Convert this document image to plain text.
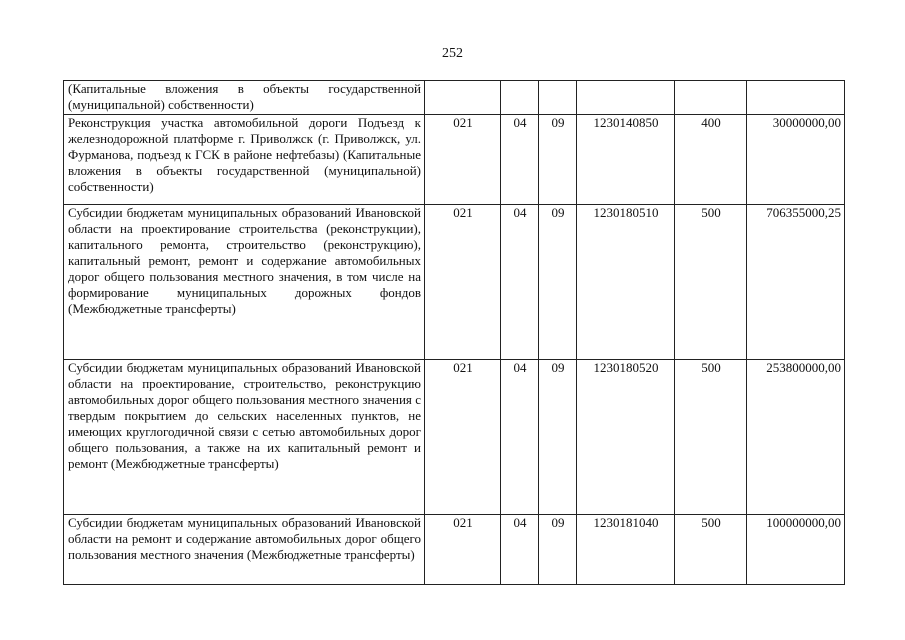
252
(Капитальные вложения в объекты государственной (муниципальной) собственности)						
Реконструкция участка автомобильной дороги Подъезд к железнодорожной платформе г. Приволжск (г. Приволжск, ул. Фурманова, подъезд к ГСК в районе нефтебазы) (Капитальные вложения в объекты государственной (муниципальной) собственности)	021	04	09	1230140850	400	30000000,00
Субсидии бюджетам муниципальных образований Ивановской области на проектирование строительства (реконструкции), капитального ремонта, строительство (реконструкцию), капитальный ремонт, ремонт и содержание автомобильных дорог общего пользования местного значения, в том числе на формирование муниципальных дорожных фондов (Межбюджетные трансферты)	021	04	09	1230180510	500	706355000,25
Субсидии бюджетам муниципальных образований Ивановской области на проектирование, строительство, реконструкцию автомобильных дорог общего пользования местного значения с твердым покрытием до сельских населенных пунктов, не имеющих круглогодичной связи с сетью автомобильных дорог общего пользования, а также на их капитальный ремонт и ремонт (Межбюджетные трансферты)	021	04	09	1230180520	500	253800000,00
Субсидии бюджетам муниципальных образований Ивановской области на ремонт и содержание автомобильных дорог общего пользования местного значения (Межбюджетные трансферты)	021	04	09	1230181040	500	100000000,00
